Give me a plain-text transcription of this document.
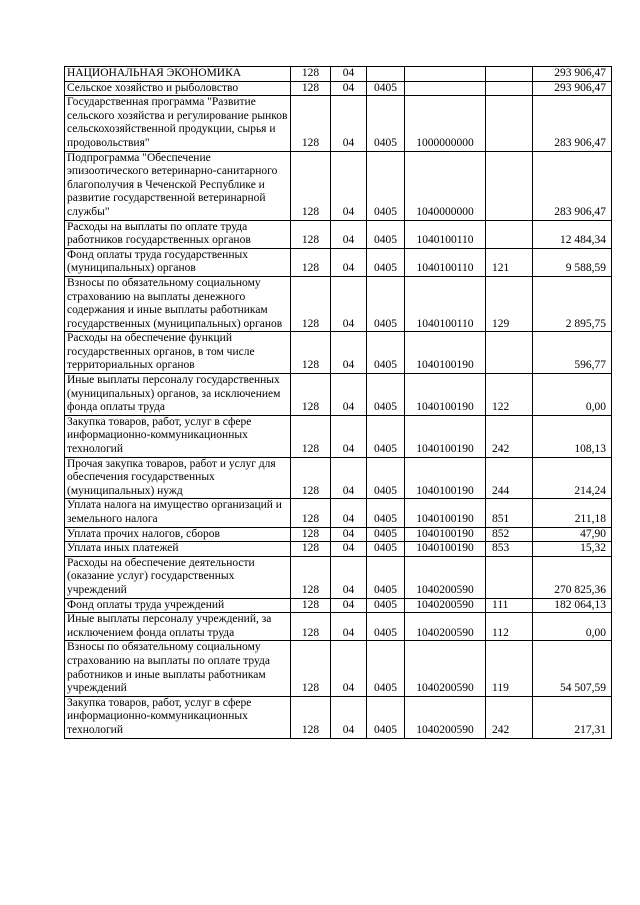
НАЦИОНАЛЬНАЯ ЭКОНОМИКА	128	04				293 906,47
Сельское хозяйство и рыболовство	128	04	0405			293 906,47
Государственная программа "Развитие сельского хозяйства и регулирование рынков сельскохозяйственной продукции, сырья и продовольствия"	128	04	0405	1000000000		283 906,47
Подпрограмма "Обеспечение эпизоотического ветеринарно-санитарного благополучия в Чеченской Республике и развитие государственной ветеринарной службы"	128	04	0405	1040000000		283 906,47
Расходы на выплаты по оплате труда работников государственных органов	128	04	0405	1040100110		12 484,34
Фонд оплаты труда государственных (муниципальных) органов	128	04	0405	1040100110	121	9 588,59
Взносы по обязательному социальному страхованию на выплаты денежного содержания и иные выплаты работникам государственных (муниципальных) органов	128	04	0405	1040100110	129	2 895,75
Расходы на обеспечение функций государственных органов, в том числе территориальных органов	128	04	0405	1040100190		596,77
Иные выплаты персоналу государственных (муниципальных) органов, за исключением фонда оплаты труда	128	04	0405	1040100190	122	0,00
Закупка товаров, работ, услуг в сфере информационно-коммуникационных технологий	128	04	0405	1040100190	242	108,13
Прочая закупка товаров, работ и услуг для обеспечения государственных (муниципальных) нужд	128	04	0405	1040100190	244	214,24
Уплата налога на имущество организаций и земельного налога	128	04	0405	1040100190	851	211,18
Уплата прочих налогов, сборов	128	04	0405	1040100190	852	47,90
Уплата иных платежей	128	04	0405	1040100190	853	15,32
Расходы на обеспечение деятельности (оказание услуг) государственных учреждений	128	04	0405	1040200590		270 825,36
Фонд оплаты труда учреждений	128	04	0405	1040200590	111	182 064,13
Иные выплаты персоналу учреждений, за исключением фонда оплаты труда	128	04	0405	1040200590	112	0,00
Взносы по обязательному социальному страхованию на выплаты по оплате труда работников и иные выплаты работникам учреждений	128	04	0405	1040200590	119	54 507,59
Закупка товаров, работ, услуг в сфере информационно-коммуникационных технологий	128	04	0405	1040200590	242	217,31
